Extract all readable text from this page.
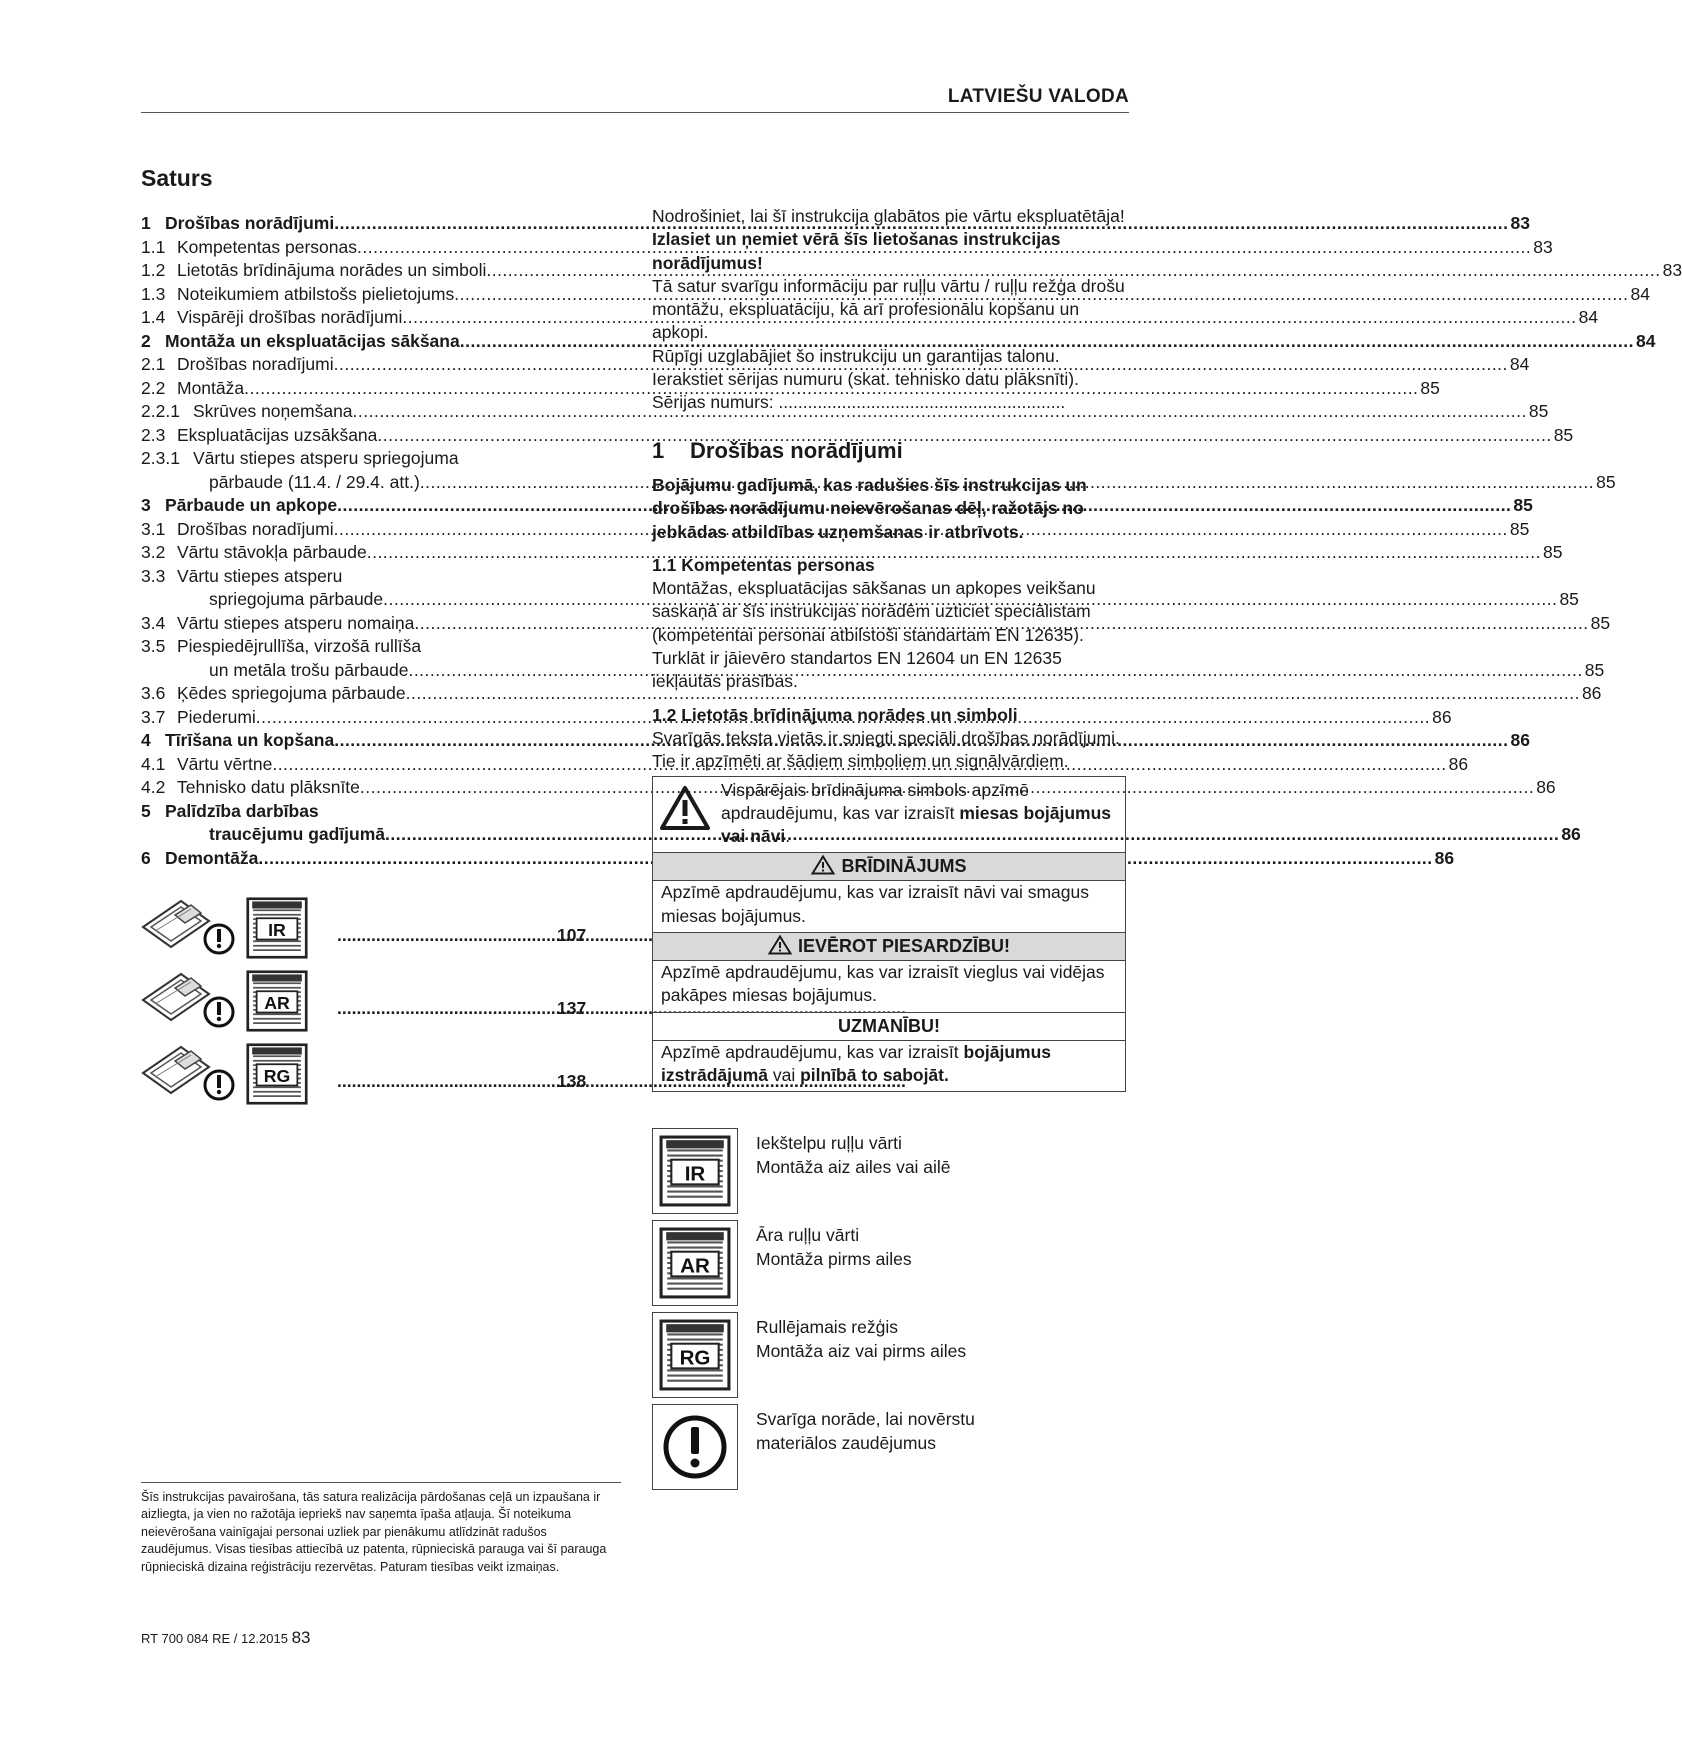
LATVIEŠU VALODA
Saturs
1 Drošības norādījumi .....	83
1.1 Kompetentas personas .....	83
1.2 Lietotās brīdinājuma norādes un simboli .....	83
1.3 Noteikumiem atbilstošs pielietojums .....	84
1.4 Vispārēji drošības norādījumi .....	84
2 Montāža un ekspluatācijas sākšana .....	84
2.1 Drošības noradījumi .....	84
2.2 Montāža .....	85
2.2.1 Skrūves noņemšana .....	85
2.3 Ekspluatācijas uzsākšana .....	85
2.3.1 Vārtu stiepes atsperu spriegojuma
pārbaude (11.4. / 29.4. att.) .....	85
3 Pārbaude un apkope .....	85
3.1 Drošības noradījumi .....	85
3.2 Vārtu stāvokļa pārbaude .....	85
3.3 Vārtu stiepes atsperu
spriegojuma pārbaude .....	85
3.4 Vārtu stiepes atsperu nomaiņa .....	85
3.5 Piespiedējrullīša, virzošā rullīša
un metāla trošu pārbaude .....	85
3.6 Ķēdes spriegojuma pārbaude .....	86
3.7 Piederumi .....	86
4 Tīrīšana un kopšana .....	86
4.1 Vārtu vērtne .....	86
4.2 Tehnisko datu plāksnīte .....	86
5 Palīdzība darbības
traucējumu gadījumā .....	86
6 Demontāža .....	86
IR .....	107
AR .....	137
RG .....	138
Šīs instrukcijas pavairošana, tās satura realizācija pārdošanas ceļā un izpaušana ir aizliegta, ja vien no ražotāja iepriekš nav saņemta īpaša atļauja. Šī noteikuma neievērošana vainīgajai personai uzliek par pienākumu atlīdzināt radušos zaudējumus. Visas tiesības attiecībā uz patenta, rūpnieciskā parauga vai šī parauga rūpnieciskā dizaina reģistrāciju rezervētas. Paturam tiesības veikt izmaiņas.
RT 700 084 RE / 12.2015 83

Nodrošiniet, lai šī instrukcija glabātos pie vārtu ekspluatētāja!

Izlasiet un ņemiet vērā šīs lietošanas instrukcijas norādījumus!

Tā satur svarīgu informāciju par ruļļu vārtu / ruļļu režģa drošu montāžu, ekspluatāciju, kā arī profesionālu kopšanu un apkopi.

Rūpīgi uzglabājiet šo instrukciju un garantijas talonu. Ierakstiet sērijas numuru (skat. tehnisko datu plāksnīti).

Sērijas numurs: ...........................................................

1	Drošības norādījumi

Bojājumu gadījumā, kas radušies šīs instrukcijas un drošības norādījumu neievērošanas dēļ, ražotājs no jebkādas atbildības uzņemšanas ir atbrīvots.

1.1 Kompetentas personas

Montāžas, ekspluatācijas sākšanas un apkopes veikšanu saskaņā ar šīs instrukcijas norādēm uzticiet speciālistam (kompetentai personai atbilstoši standartam EN 12635). Turklāt ir jāievēro standartos EN 12604 un EN 12635 iekļautās prasības.

1.2 Lietotās brīdinājuma norādes un simboli

Svarīgās teksta vietās ir sniegti speciāli drošības norādījumi. Tie ir apzīmēti ar šādiem simboliem un signālvārdiem.

Vispārējais brīdinājuma simbols apzīmē apdraudējumu, kas var izraisīt miesas bojājumus vai nāvi.
BRĪDINĀJUMS
Apzīmē apdraudējumu, kas var izraisīt nāvi vai smagus miesas bojājumus.
IEVĒROT PIESARDZĪBU!
Apzīmē apdraudējumu, kas var izraisīt vieglus vai vidējas pakāpes miesas bojājumus.
UZMANĪBU!
Apzīmē apdraudējumu, kas var izraisīt bojājumus izstrādājumā vai pilnībā to sabojāt.
IR
Iekštelpu ruļļu vārti
Montāža aiz ailes vai ailē
AR
Āra ruļļu vārti
Montāža pirms ailes
RG
Rullējamais režģis
Montāža aiz vai pirms ailes
Svarīga norāde, lai novērstu
materiālos zaudējumus
